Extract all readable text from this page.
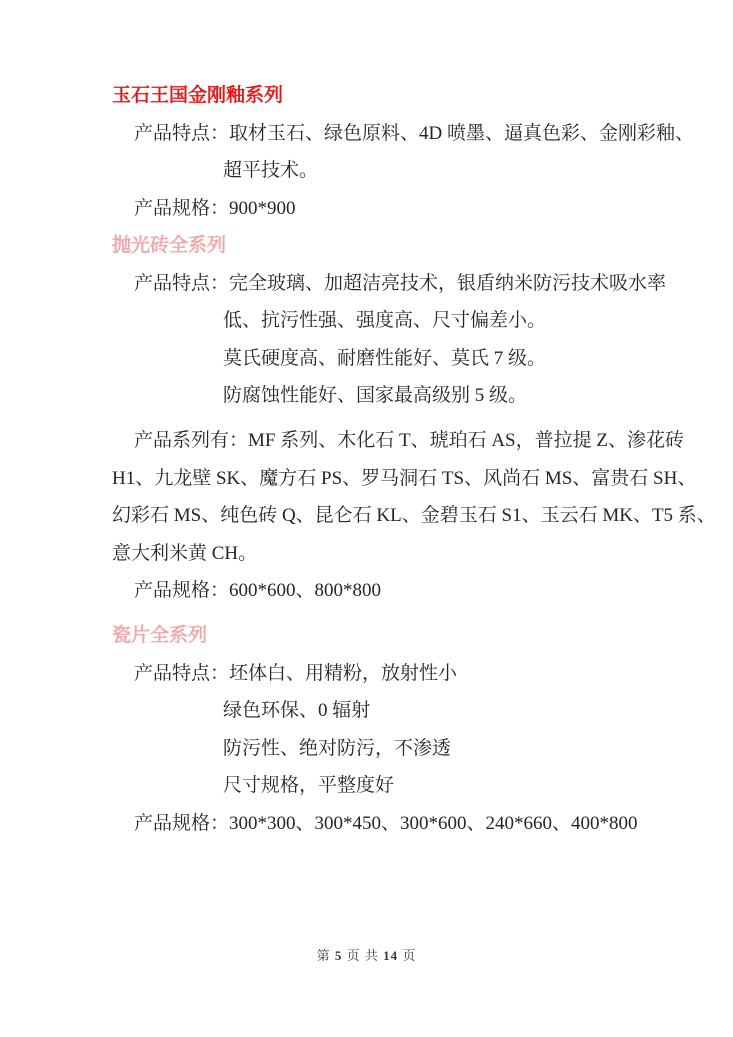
玉石王国金刚釉系列
产品特点：取材玉石、绿色原料、4D 喷墨、逼真色彩、金刚彩釉、
超平技术。
产品规格：900*900
抛光砖全系列
产品特点：完全玻璃、加超洁亮技术，银盾纳米防污技术吸水率
低、抗污性强、强度高、尺寸偏差小。
莫氏硬度高、耐磨性能好、莫氏 7 级。
防腐蚀性能好、国家最高级别 5 级。
产品系列有：MF 系列、木化石 T、琥珀石 AS，普拉提 Z、渗花砖
H1、九龙壁 SK、魔方石 PS、罗马洞石 TS、风尚石 MS、富贵石 SH、
幻彩石 MS、纯色砖 Q、昆仑石 KL、金碧玉石 S1、玉云石 MK、T5 系、
意大利米黄 CH。
产品规格：600*600、800*800
瓷片全系列
产品特点：坯体白、用精粉，放射性小
绿色环保、0 辐射
防污性、绝对防污，不渗透
尺寸规格，平整度好
产品规格：300*300、300*450、300*600、240*660、400*800
第 5 页 共 14 页
